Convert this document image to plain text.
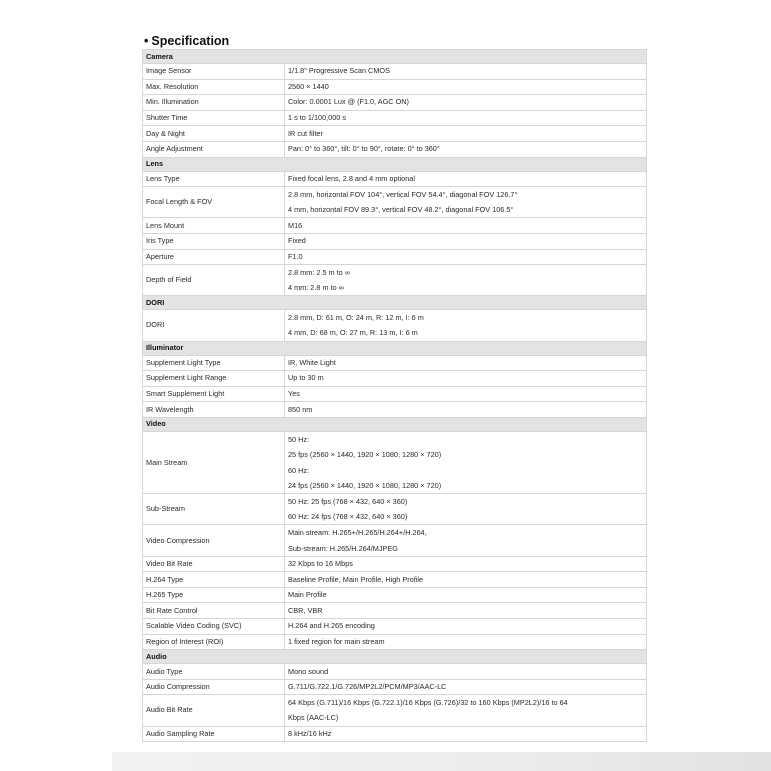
• Specification
Camera	
Image Sensor	1/1.8" Progressive Scan CMOS
Max. Resolution	2560 × 1440
Min. Illumination	Color: 0.0001 Lux @ (F1.0, AGC ON)
Shutter Time	1 s to 1/100,000 s
Day & Night	IR cut filter
Angle Adjustment	Pan: 0° to 360°, tilt: 0° to 90°, rotate: 0° to 360°
Lens	
Lens Type	Fixed focal lens, 2.8 and 4 mm optional
Focal Length & FOV	2.8 mm, horizontal FOV 104°, vertical FOV 54.4°, diagonal FOV 126.7°
4 mm, horizontal FOV 89.3°, vertical FOV 48.2°, diagonal FOV 106.5°

Lens Mount	M16
Iris Type	Fixed
Aperture	F1.0
Depth of Field	2.8 mm: 2.5 m to ∞
4 mm: 2.8 m to ∞

DORI	
DORI	2.8 mm, D: 61 m, O: 24 m, R: 12 m, I: 6 m
4 mm, D: 68 m, O: 27 m, R: 13 m, I: 6 m

Illuminator	
Supplement Light Type	IR, White Light
Supplement Light Range	Up to 30 m
Smart Supplement Light	Yes
IR Wavelength	850 nm
Video	
Main Stream	50 Hz:
25 fps (2560 × 1440, 1920 × 1080, 1280 × 720)
60 Hz:
24 fps (2560 × 1440, 1920 × 1080, 1280 × 720)

Sub-Stream	50 Hz: 25 fps (768 × 432, 640 × 360)
60 Hz: 24 fps (768 × 432, 640 × 360)

Video Compression	Main stream: H.265+/H.265/H.264+/H.264,
Sub-stream: H.265/H.264/MJPEG

Video Bit Rate	32 Kbps to 16 Mbps
H.264 Type	Baseline Profile, Main Profile, High Profile
H.265 Type	Main Profile
Bit Rate Control	CBR, VBR
Scalable Video Coding (SVC)	H.264 and H.265 encoding
Region of Interest (ROI)	1 fixed region for main stream
Audio	
Audio Type	Mono sound
Audio Compression	G.711/G.722.1/G.726/MP2L2/PCM/MP3/AAC-LC
Audio Bit Rate	64 Kbps (G.711)/16 Kbps (G.722.1)/16 Kbps (G.726)/32 to 160 Kbps (MP2L2)/16 to 64
Kbps (AAC-LC)

Audio Sampling Rate	8 kHz/16 kHz
